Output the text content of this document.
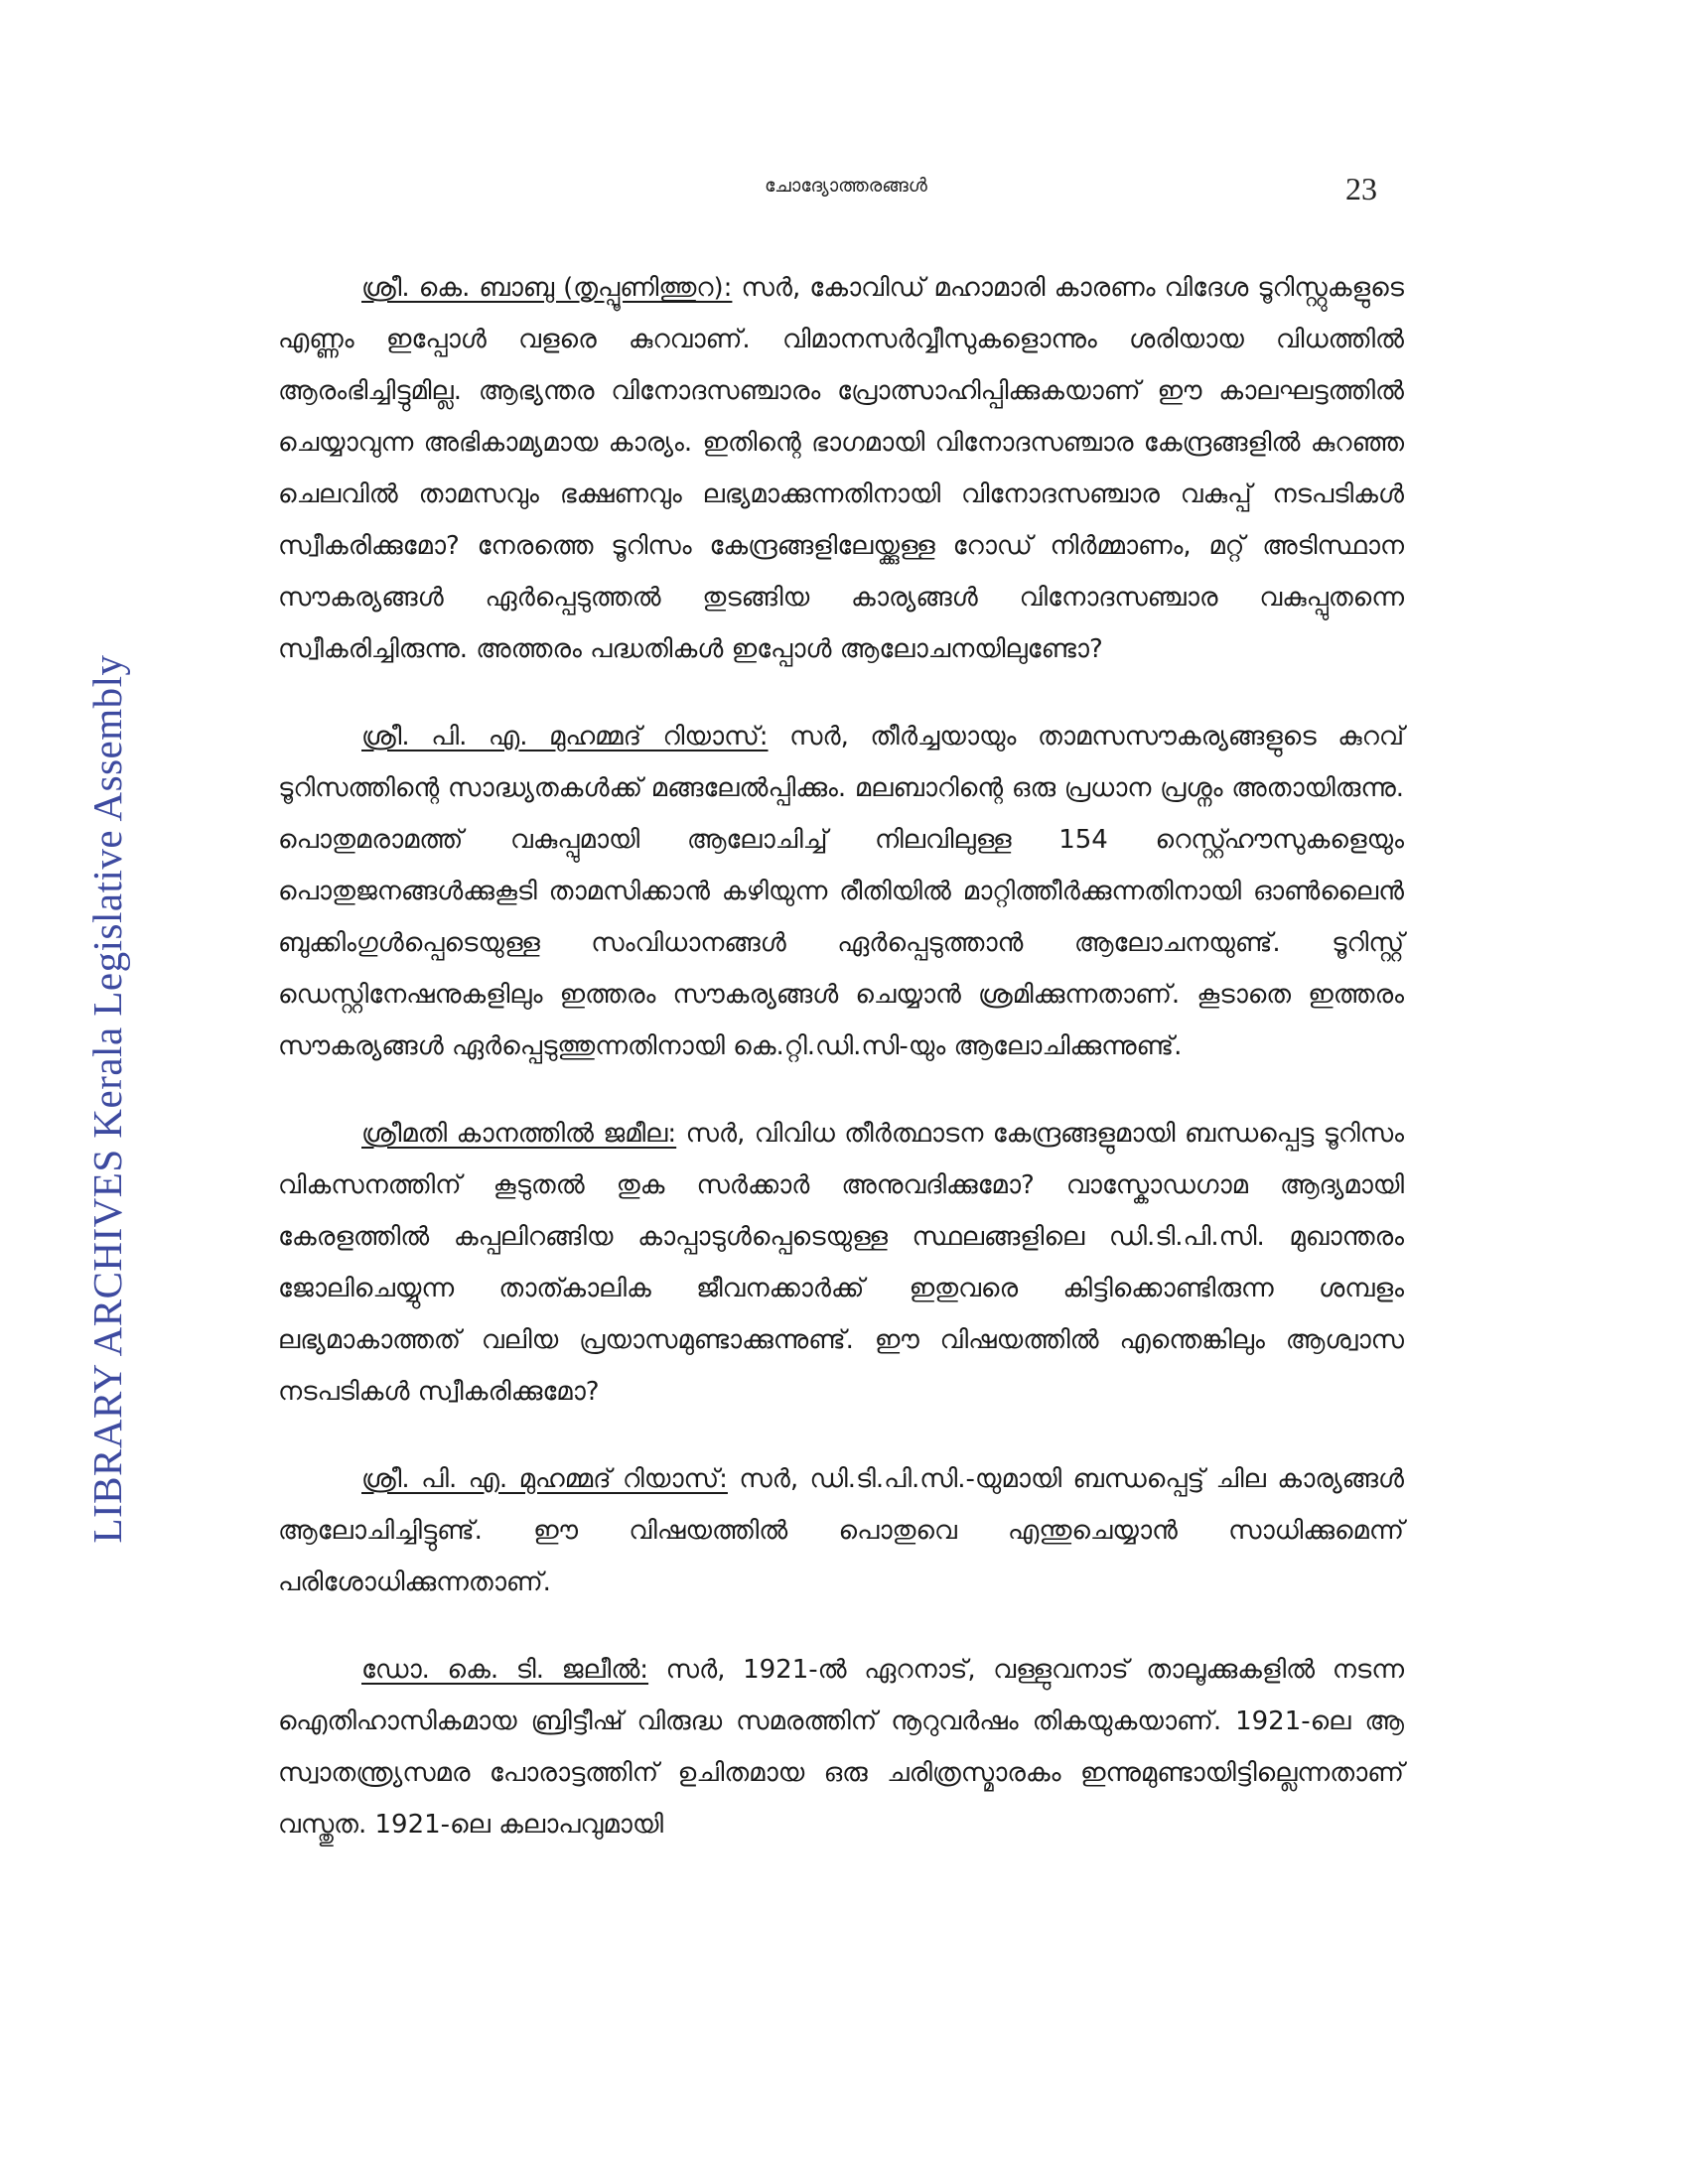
LIBRARY ARCHIVES Kerala Legislative Assembly
ചോദ്യോത്തരങ്ങൾ	23

ശ്രീ. കെ. ബാബു (തൃപ്പൂണിത്തുറ): സർ, കോവിഡ് മഹാമാരി കാരണം വിദേശ ടൂറിസ്റ്റുകളുടെ എണ്ണം ഇപ്പോൾ വളരെ കുറവാണ്. വിമാനസർവ്വീസുകളൊന്നും ശരിയായ വിധത്തിൽ ആരംഭിച്ചിട്ടുമില്ല. ആഭ്യന്തര വിനോദസഞ്ചാരം പ്രോത്സാഹിപ്പിക്കുകയാണ് ഈ കാലഘട്ടത്തിൽ ചെയ്യാവുന്ന അഭികാമ്യമായ കാര്യം. ഇതിന്റെ ഭാഗമായി വിനോദസഞ്ചാര കേന്ദ്രങ്ങളിൽ കുറഞ്ഞ ചെലവിൽ താമസവും ഭക്ഷണവും ലഭ്യമാക്കുന്നതിനായി വിനോദസഞ്ചാര വകുപ്പ് നടപടികൾ സ്വീകരിക്കുമോ? നേരത്തെ ടൂറിസം കേന്ദ്രങ്ങളിലേയ്ക്കുള്ള റോഡ് നിർമ്മാണം, മറ്റ് അടിസ്ഥാന സൗകര്യങ്ങൾ ഏർപ്പെടുത്തൽ തുടങ്ങിയ കാര്യങ്ങൾ വിനോദസഞ്ചാര വകുപ്പുതന്നെ സ്വീകരിച്ചിരുന്നു. അത്തരം പദ്ധതികൾ ഇപ്പോൾ ആലോചനയിലുണ്ടോ?

ശ്രീ. പി. എ. മുഹമ്മദ് റിയാസ്: സർ, തീർച്ചയായും താമസസൗകര്യങ്ങളുടെ കുറവ് ടൂറിസത്തിന്റെ സാദ്ധ്യതകൾക്ക് മങ്ങലേൽപ്പിക്കും. മലബാറിന്റെ ഒരു പ്രധാന പ്രശ്നം അതായിരുന്നു. പൊതുമരാമത്ത് വകുപ്പുമായി ആലോചിച്ച് നിലവിലുള്ള 154 റെസ്റ്റ്ഹൗസുകളെയും പൊതുജനങ്ങൾക്കുകൂടി താമസിക്കാൻ കഴിയുന്ന രീതിയിൽ മാറ്റിത്തീർക്കുന്നതിനായി ഓൺലൈൻ ബുക്കിംഗുൾപ്പെടെയുള്ള സംവിധാനങ്ങൾ ഏർപ്പെടുത്താൻ ആലോചനയുണ്ട്. ടൂറിസ്റ്റ് ഡെസ്റ്റിനേഷനുകളിലും ഇത്തരം സൗകര്യങ്ങൾ ചെയ്യാൻ ശ്രമിക്കുന്നതാണ്. കൂടാതെ ഇത്തരം സൗകര്യങ്ങൾ ഏർപ്പെടുത്തുന്നതിനായി കെ.റ്റി.ഡി.സി-യും ആലോചിക്കുന്നുണ്ട്.

ശ്രീമതി കാനത്തിൽ ജമീല: സർ, വിവിധ തീർത്ഥാടന കേന്ദ്രങ്ങളുമായി ബന്ധപ്പെട്ട ടൂറിസം വികസനത്തിന് കൂടുതൽ തുക സർക്കാർ അനുവദിക്കുമോ? വാസ്കോഡഗാമ ആദ്യമായി കേരളത്തിൽ കപ്പലിറങ്ങിയ കാപ്പാടുൾപ്പെടെയുള്ള സ്ഥലങ്ങളിലെ ഡി.ടി.പി.സി. മുഖാന്തരം ജോലിചെയ്യുന്ന താത്കാലിക ജീവനക്കാർക്ക് ഇതുവരെ കിട്ടിക്കൊണ്ടിരുന്ന ശമ്പളം ലഭ്യമാകാത്തത് വലിയ പ്രയാസമുണ്ടാക്കുന്നുണ്ട്. ഈ വിഷയത്തിൽ എന്തെങ്കിലും ആശ്വാസ നടപടികൾ സ്വീകരിക്കുമോ?

ശ്രീ. പി. എ. മുഹമ്മദ് റിയാസ്: സർ, ഡി.ടി.പി.സി.-യുമായി ബന്ധപ്പെട്ട് ചില കാര്യങ്ങൾ ആലോചിച്ചിട്ടുണ്ട്. ഈ വിഷയത്തിൽ പൊതുവെ എന്തുചെയ്യാൻ സാധിക്കുമെന്ന് പരിശോധിക്കുന്നതാണ്.

ഡോ. കെ. ടി. ജലീൽ: സർ, 1921-ൽ ഏറനാട്, വള്ളുവനാട് താലൂക്കുകളിൽ നടന്ന ഐതിഹാസികമായ ബ്രിട്ടീഷ് വിരുദ്ധ സമരത്തിന് നൂറുവർഷം തികയുകയാണ്. 1921-ലെ ആ സ്വാതന്ത്ര്യസമര പോരാട്ടത്തിന് ഉചിതമായ ഒരു ചരിത്രസ്മാരകം ഇന്നുമുണ്ടായിട്ടില്ലെന്നതാണ് വസ്തുത. 1921-ലെ കലാപവുമായി
